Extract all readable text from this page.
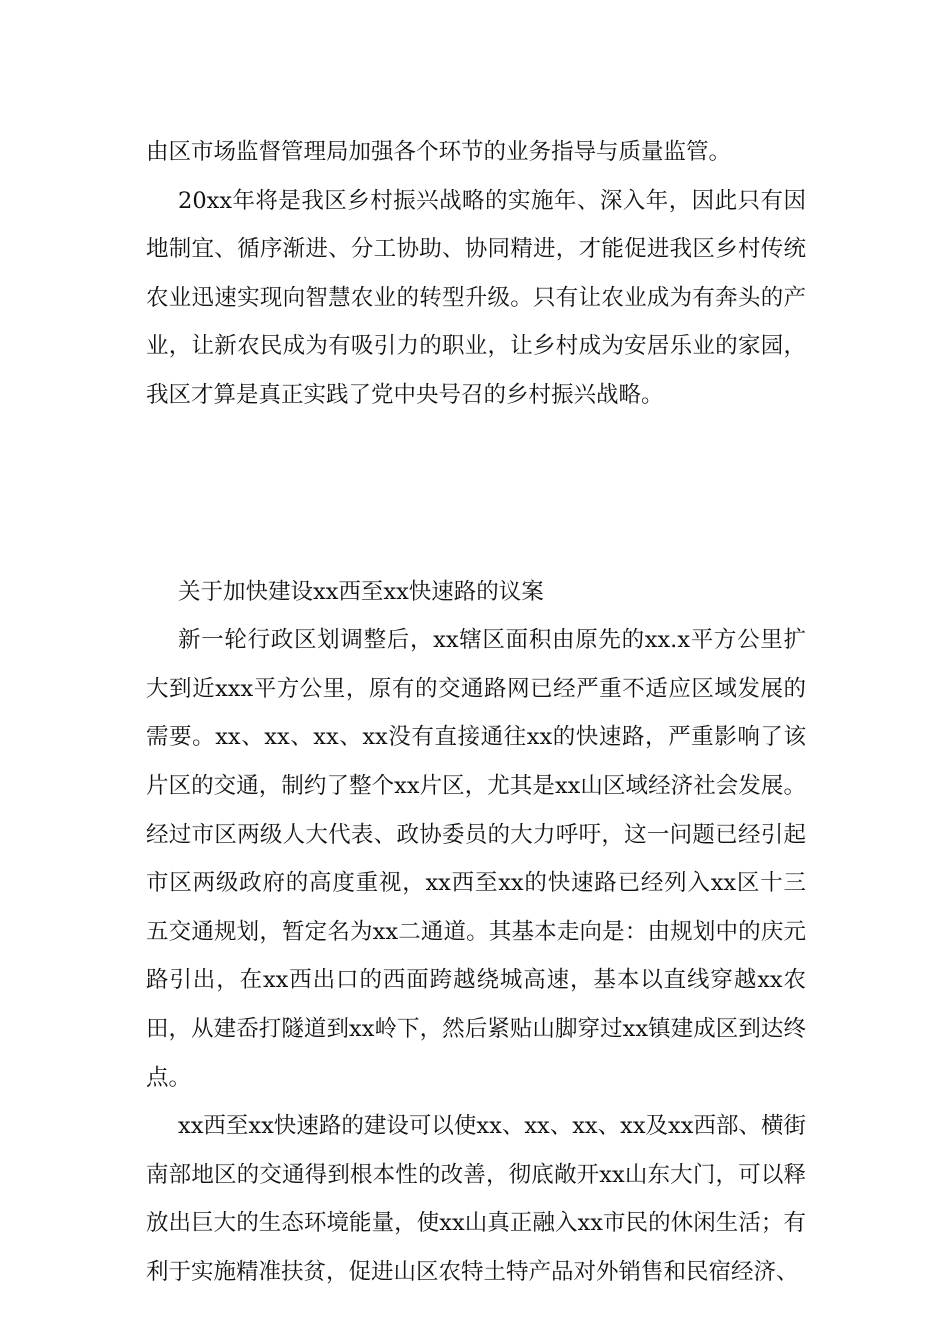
由区市场监督管理局加强各个环节的业务指导与质量监管。

20xx年将是我区乡村振兴战略的实施年、深入年，因此只有因地制宜、循序渐进、分工协助、协同精进，才能促进我区乡村传统农业迅速实现向智慧农业的转型升级。只有让农业成为有奔头的产业，让新农民成为有吸引力的职业，让乡村成为安居乐业的家园，我区才算是真正实践了党中央号召的乡村振兴战略。

关于加快建设xx西至xx快速路的议案

新一轮行政区划调整后，xx辖区面积由原先的xx.x平方公里扩大到近xxx平方公里，原有的交通路网已经严重不适应区域发展的需要。xx、xx、xx、xx没有直接通往xx的快速路，严重影响了该片区的交通，制约了整个xx片区，尤其是xx山区域经济社会发展。经过市区两级人大代表、政协委员的大力呼吁，这一问题已经引起市区两级政府的高度重视，xx西至xx的快速路已经列入xx区十三五交通规划，暂定名为xx二通道。其基本走向是：由规划中的庆元路引出，在xx西出口的西面跨越绕城高速，基本以直线穿越xx农田，从建岙打隧道到xx岭下，然后紧贴山脚穿过xx镇建成区到达终点。

xx西至xx快速路的建设可以使xx、xx、xx、xx及xx西部、横街南部地区的交通得到根本性的改善，彻底敞开xx山东大门，可以释放出巨大的生态环境能量，使xx山真正融入xx市民的休闲生活；有利于实施精准扶贫，促进山区农特土特产品对外销售和民宿经济、
